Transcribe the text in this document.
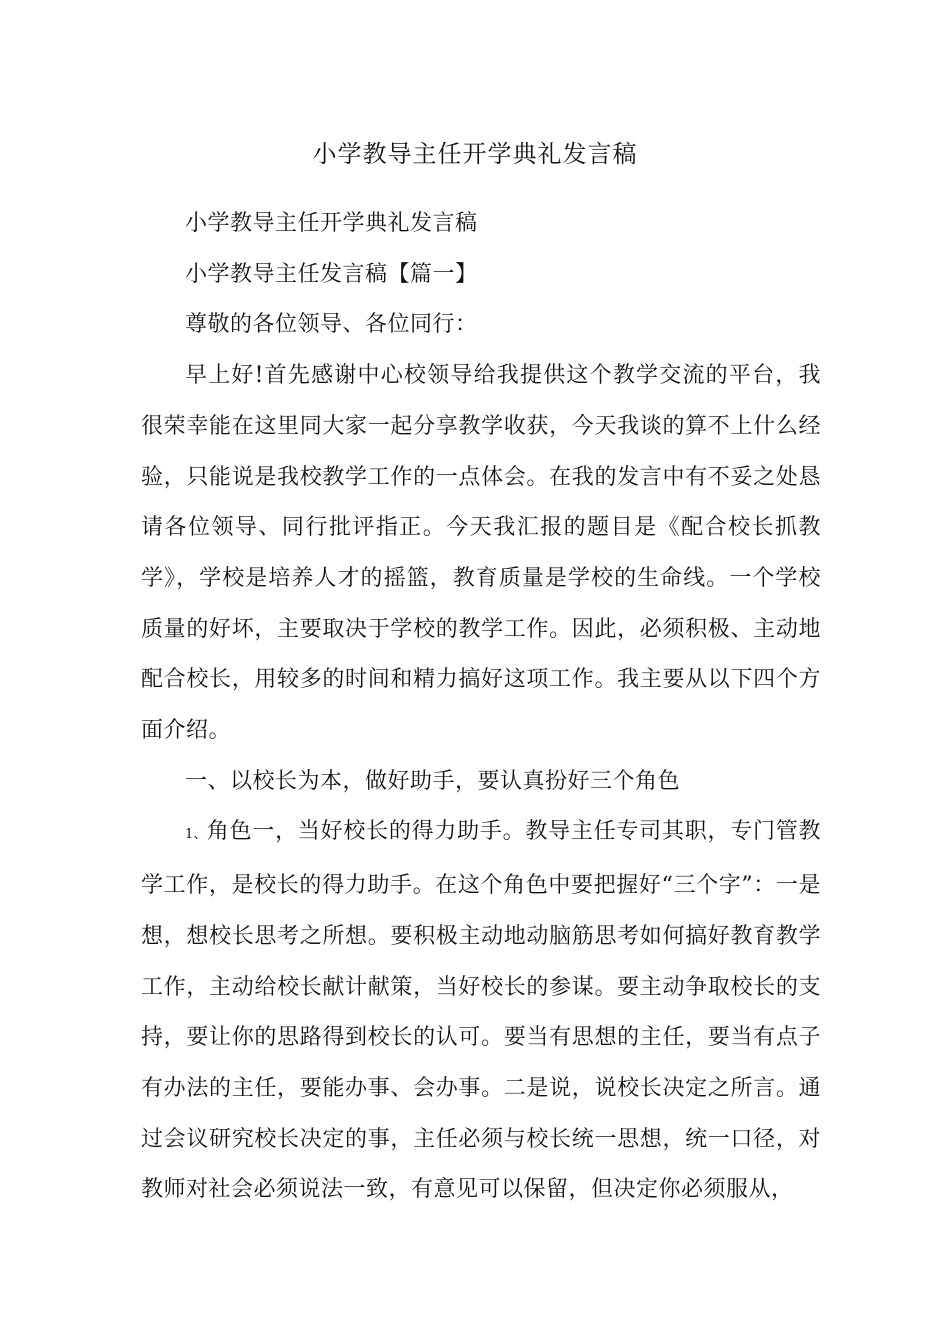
小学教导主任开学典礼发言稿

小学教导主任开学典礼发言稿

小学教导主任发言稿【篇一】

尊敬的各位领导、各位同行：

早上好!首先感谢中心校领导给我提供这个教学交流的平台，我很荣幸能在这里同大家一起分享教学收获，今天我谈的算不上什么经验，只能说是我校教学工作的一点体会。在我的发言中有不妥之处恳请各位领导、同行批评指正。今天我汇报的题目是《配合校长抓教学》，学校是培养人才的摇篮，教育质量是学校的生命线。一个学校质量的好坏，主要取决于学校的教学工作。因此，必须积极、主动地配合校长，用较多的时间和精力搞好这项工作。我主要从以下四个方面介绍。

一、以校长为本，做好助手，要认真扮好三个角色

1、角色一，当好校长的得力助手。教导主任专司其职，专门管教学工作，是校长的得力助手。在这个角色中要把握好“三个字”：一是想，想校长思考之所想。要积极主动地动脑筋思考如何搞好教育教学工作，主动给校长献计献策，当好校长的参谋。要主动争取校长的支持，要让你的思路得到校长的认可。要当有思想的主任，要当有点子有办法的主任，要能办事、会办事。二是说，说校长决定之所言。通过会议研究校长决定的事，主任必须与校长统一思想，统一口径，对教师对社会必须说法一致，有意见可以保留，但决定你必须服从，
